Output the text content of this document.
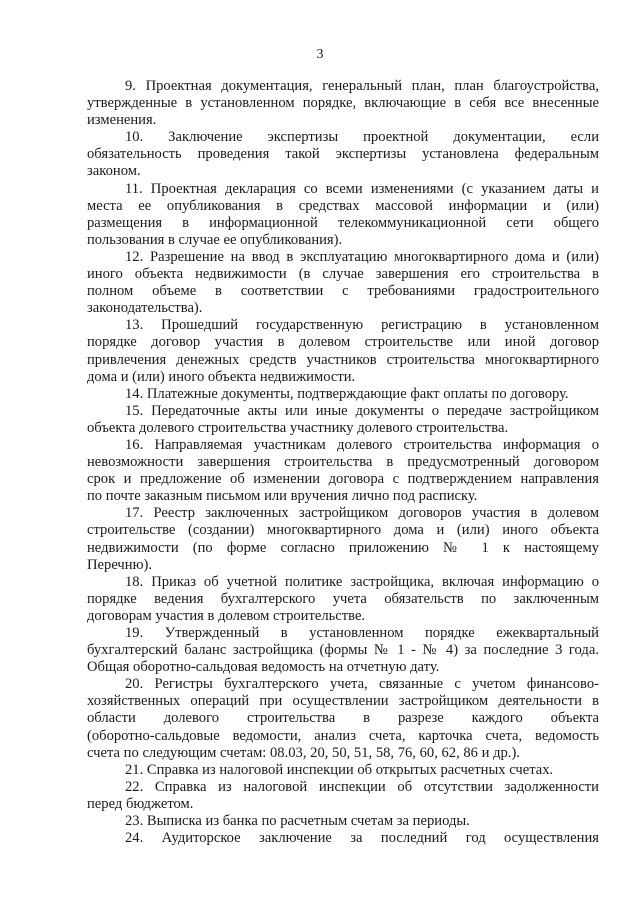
3
9. Проектная документация, генеральный план, план благоустройства,
утвержденные в установленном порядке, включающие в себя все внесенные
изменения.
10. Заключение экспертизы проектной документации, если
обязательность проведения такой экспертизы установлена федеральным
законом.
11. Проектная декларация со всеми изменениями (с указанием даты и
места ее опубликования в средствах массовой информации и (или)
размещения в информационной телекоммуникационной сети общего
пользования в случае ее опубликования).
12. Разрешение на ввод в эксплуатацию многоквартирного дома и (или)
иного объекта недвижимости (в случае завершения его строительства в
полном объеме в соответствии с требованиями градостроительного
законодательства).
13. Прошедший государственную регистрацию в установленном
порядке договор участия в долевом строительстве или иной договор
привлечения денежных средств участников строительства многоквартирного
дома и (или) иного объекта недвижимости.
14. Платежные документы, подтверждающие факт оплаты по договору.
15. Передаточные акты или иные документы о передаче застройщиком
объекта долевого строительства участнику долевого строительства.
16. Направляемая участникам долевого строительства информация о
невозможности завершения строительства в предусмотренный договором
срок и предложение об изменении договора с подтверждением направления
по почте заказным письмом или вручения лично под расписку.
17. Реестр заключенных застройщиком договоров участия в долевом
строительстве (создании) многоквартирного дома и (или) иного объекта
недвижимости (по форме согласно приложению № 1 к настоящему
Перечню).
18. Приказ об учетной политике застройщика, включая информацию о
порядке ведения бухгалтерского учета обязательств по заключенным
договорам участия в долевом строительстве.
19. Утвержденный в установленном порядке ежеквартальный
бухгалтерский баланс застройщика (формы № 1 - № 4) за последние 3 года.
Общая оборотно-сальдовая ведомость на отчетную дату.
20. Регистры бухгалтерского учета, связанные с учетом финансово-
хозяйственных операций при осуществлении застройщиком деятельности в
области долевого строительства в разрезе каждого объекта
(оборотно-сальдовые ведомости, анализ счета, карточка счета, ведомость
счета по следующим счетам: 08.03, 20, 50, 51, 58, 76, 60, 62, 86 и др.).
21. Справка из налоговой инспекции об открытых расчетных счетах.
22. Справка из налоговой инспекции об отсутствии задолженности
перед бюджетом.
23. Выписка из банка по расчетным счетам за периоды.
24. Аудиторское заключение за последний год осуществления
